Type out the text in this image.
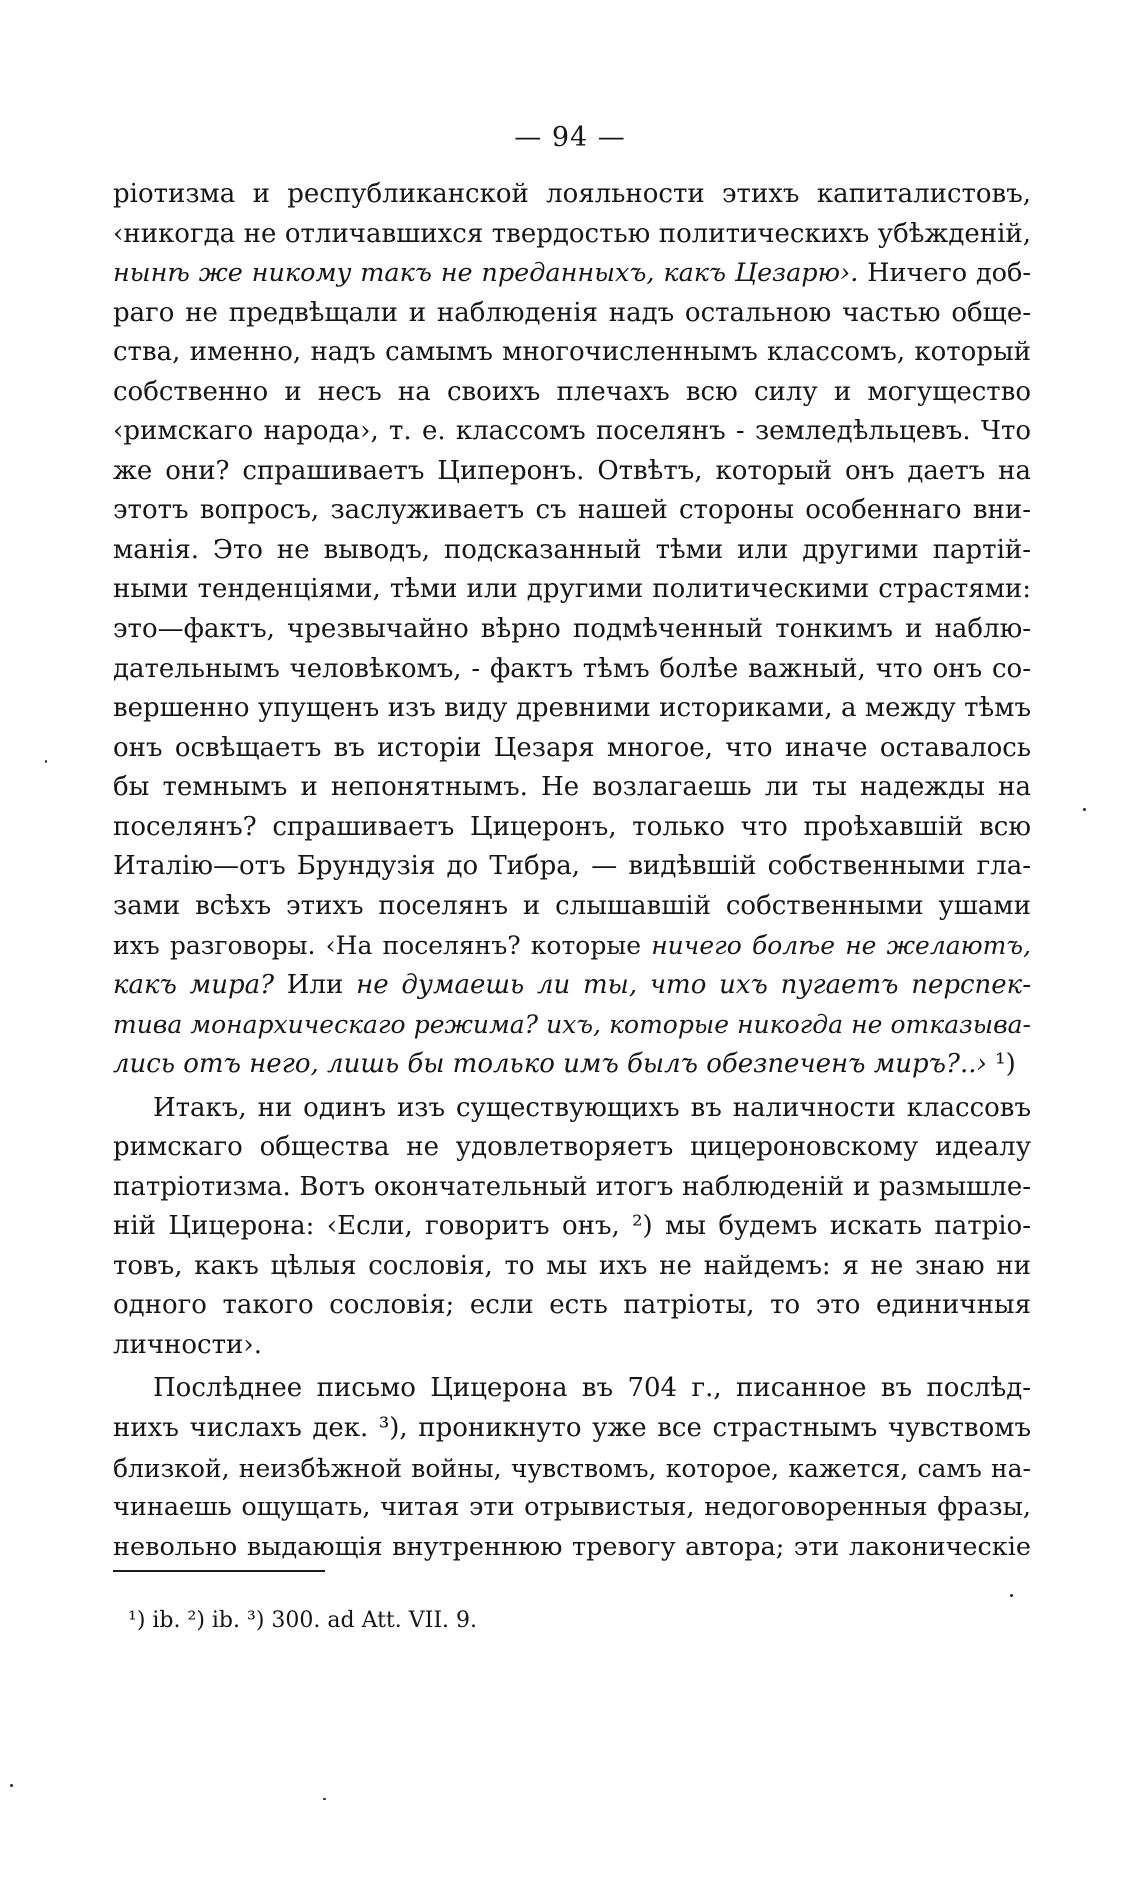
— 94 —
ріотизма и республиканской лояльности этихъ капиталистовъ,
‹никогда не отличавшихся твердостью политическихъ убѣжденій,
нынѣ же никому такъ не преданныхъ, какъ Цезарю›. Ничего доб-
раго не предвѣщали и наблюденія надъ остальною частью обще-
ства, именно, надъ самымъ многочисленнымъ классомъ, который
собственно и несъ на своихъ плечахъ всю силу и могущество
‹римскаго народа›, т. е. классомъ поселянъ - земледѣльцевъ. Что
же они? спрашиваетъ Циперонъ. Отвѣтъ, который онъ даетъ на
этотъ вопросъ, заслуживаетъ съ нашей стороны особеннаго вни-
манія. Это не выводъ, подсказанный тѣми или другими партій-
ными тенденціями, тѣми или другими политическими страстями:
это—фактъ, чрезвычайно вѣрно подмѣченный тонкимъ и наблю-
дательнымъ человѣкомъ, - фактъ тѣмъ болѣе важный, что онъ со-
вершенно упущенъ изъ виду древними историками, а между тѣмъ
онъ освѣщаетъ въ исторіи Цезаря многое, что иначе оставалось
бы темнымъ и непонятнымъ. Не возлагаешь ли ты надежды на
поселянъ? спрашиваетъ Цицеронъ, только что проѣхавшій всю
Италію—отъ Брундузія до Тибра, — видѣвшій собственными гла-
зами всѣхъ этихъ поселянъ и слышавшій собственными ушами
ихъ разговоры. ‹На поселянъ? которые ничего болѣе не желаютъ,
какъ мира? Или не думаешь ли ты, что ихъ пугаетъ перспек-
тива монархическаго режима? ихъ, которые никогда не отказыва-
лись отъ него, лишь бы только имъ былъ обезпеченъ миръ?..› ¹)
Итакъ, ни одинъ изъ существующихъ въ наличности классовъ
римскаго общества не удовлетворяетъ цицероновскому идеалу
патріотизма. Вотъ окончательный итогъ наблюденій и размышле-
ній Цицерона: ‹Если, говоритъ онъ, ²) мы будемъ искать патріо-
товъ, какъ цѣлыя сословія, то мы ихъ не найдемъ: я не знаю ни
одного такого сословія; если есть патріоты, то это единичныя
личности›.
Послѣднее письмо Цицерона въ 704 г., писанное въ послѣд-
нихъ числахъ дек. ³), проникнуто уже все страстнымъ чувствомъ
близкой, неизбѣжной войны, чувствомъ, которое, кажется, самъ на-
чинаешь ощущать, читая эти отрывистыя, недоговоренныя фразы,
невольно выдающія внутреннюю тревогу автора; эти лаконическіе
¹) ib. ²) ib. ³) 300. ad Att. VII. 9.
